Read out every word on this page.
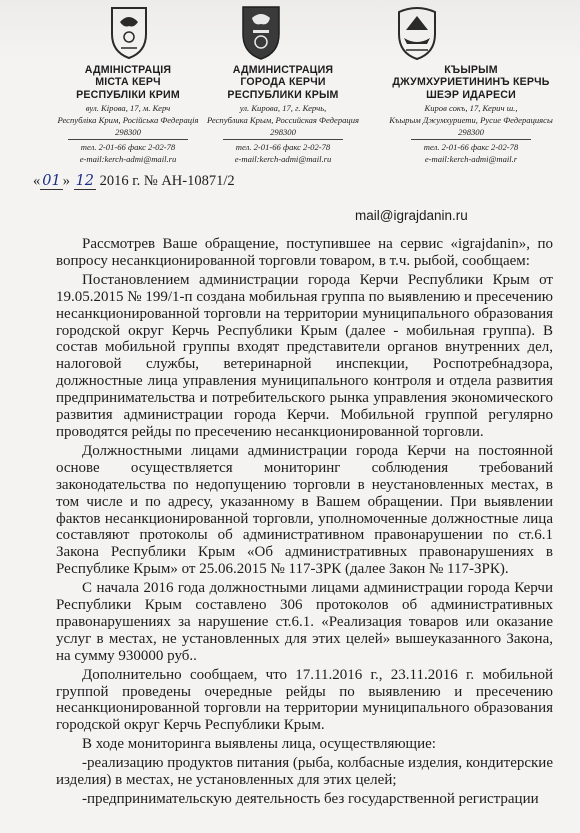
АДМІНІСТРАЦІЯ
МІСТА КЕРЧ
РЕСПУБЛІКИ КРИМ
вул. Кірова, 17, м. Керч
Республіка Крим, Російська Федерація
298300
тел. 2-01-66 факс 2-02-78
e-mail:kerch-admi@mail.ru
АДМИНИСТРАЦИЯ
ГОРОДА КЕРЧИ
РЕСПУБЛИКИ КРЫМ
ул. Кирова, 17, г. Керчь,
Республика Крым, Российская Федерация
298300
тел. 2-01-66 факс 2-02-78
e-mail:kerch-admi@mail.ru
КЪЫРЫМ
ДЖУМХУРИЕТИНИНЪ КЕРЧЬ
ШЕЭР ИДАРЕСИ
Киров сокъ, 17, Керич ш.,
Къырым Джумхуриети, Русие Федерациясы
298300
тел. 2-01-66 факс 2-02-78
e-mail:kerch-admi@mail.r
« 01 » 12 2016 г. № АН-10871/2
mail@igrajdanin.ru

Рассмотрев Ваше обращение, поступившее на сервис «igrajdanin», по вопросу несанкционированной торговли товаром, в т.ч. рыбой, сообщаем:

Постановлением администрации города Керчи Республики Крым от 19.05.2015 № 199/1-п создана мобильная группа по выявлению и пресечению несанкционированной торговли на территории муниципального образования городской округ Керчь Республики Крым (далее - мобильная группа). В состав мобильной группы входят представители органов внутренних дел, налоговой службы, ветеринарной инспекции, Роспотребнадзора, должностные лица управления муниципального контроля и отдела развития предпринимательства и потребительского рынка управления экономического развития администрации города Керчи. Мобильной группой регулярно проводятся рейды по пресечению несанкционированной торговли.

Должностными лицами администрации города Керчи на постоянной основе осуществляется мониторинг соблюдения требований законодательства по недопущению торговли в неустановленных местах, в том числе и по адресу, указанному в Вашем обращении. При выявлении фактов несанкционированной торговли, уполномоченные должностные лица составляют протоколы об административном правонарушении по ст.6.1 Закона Республики Крым «Об административных правонарушениях в Республике Крым» от 25.06.2015 № 117-ЗРК (далее Закон № 117-ЗРК).

С начала 2016 года должностными лицами администрации города Керчи Республики Крым составлено 306 протоколов об административных правонарушениях за нарушение ст.6.1. «Реализация товаров или оказание услуг в местах, не установленных для этих целей» вышеуказанного Закона, на сумму 930000 руб..

Дополнительно сообщаем, что 17.11.2016 г., 23.11.2016 г. мобильной группой проведены очередные рейды по выявлению и пресечению несанкционированной торговли на территории муниципального образования городской округ Керчь Республики Крым.

В ходе мониторинга выявлены лица, осуществляющие:

-реализацию продуктов питания (рыба, колбасные изделия, кондитерские изделия) в местах, не установленных для этих целей;

-предпринимательскую деятельность без государственной регистрации
